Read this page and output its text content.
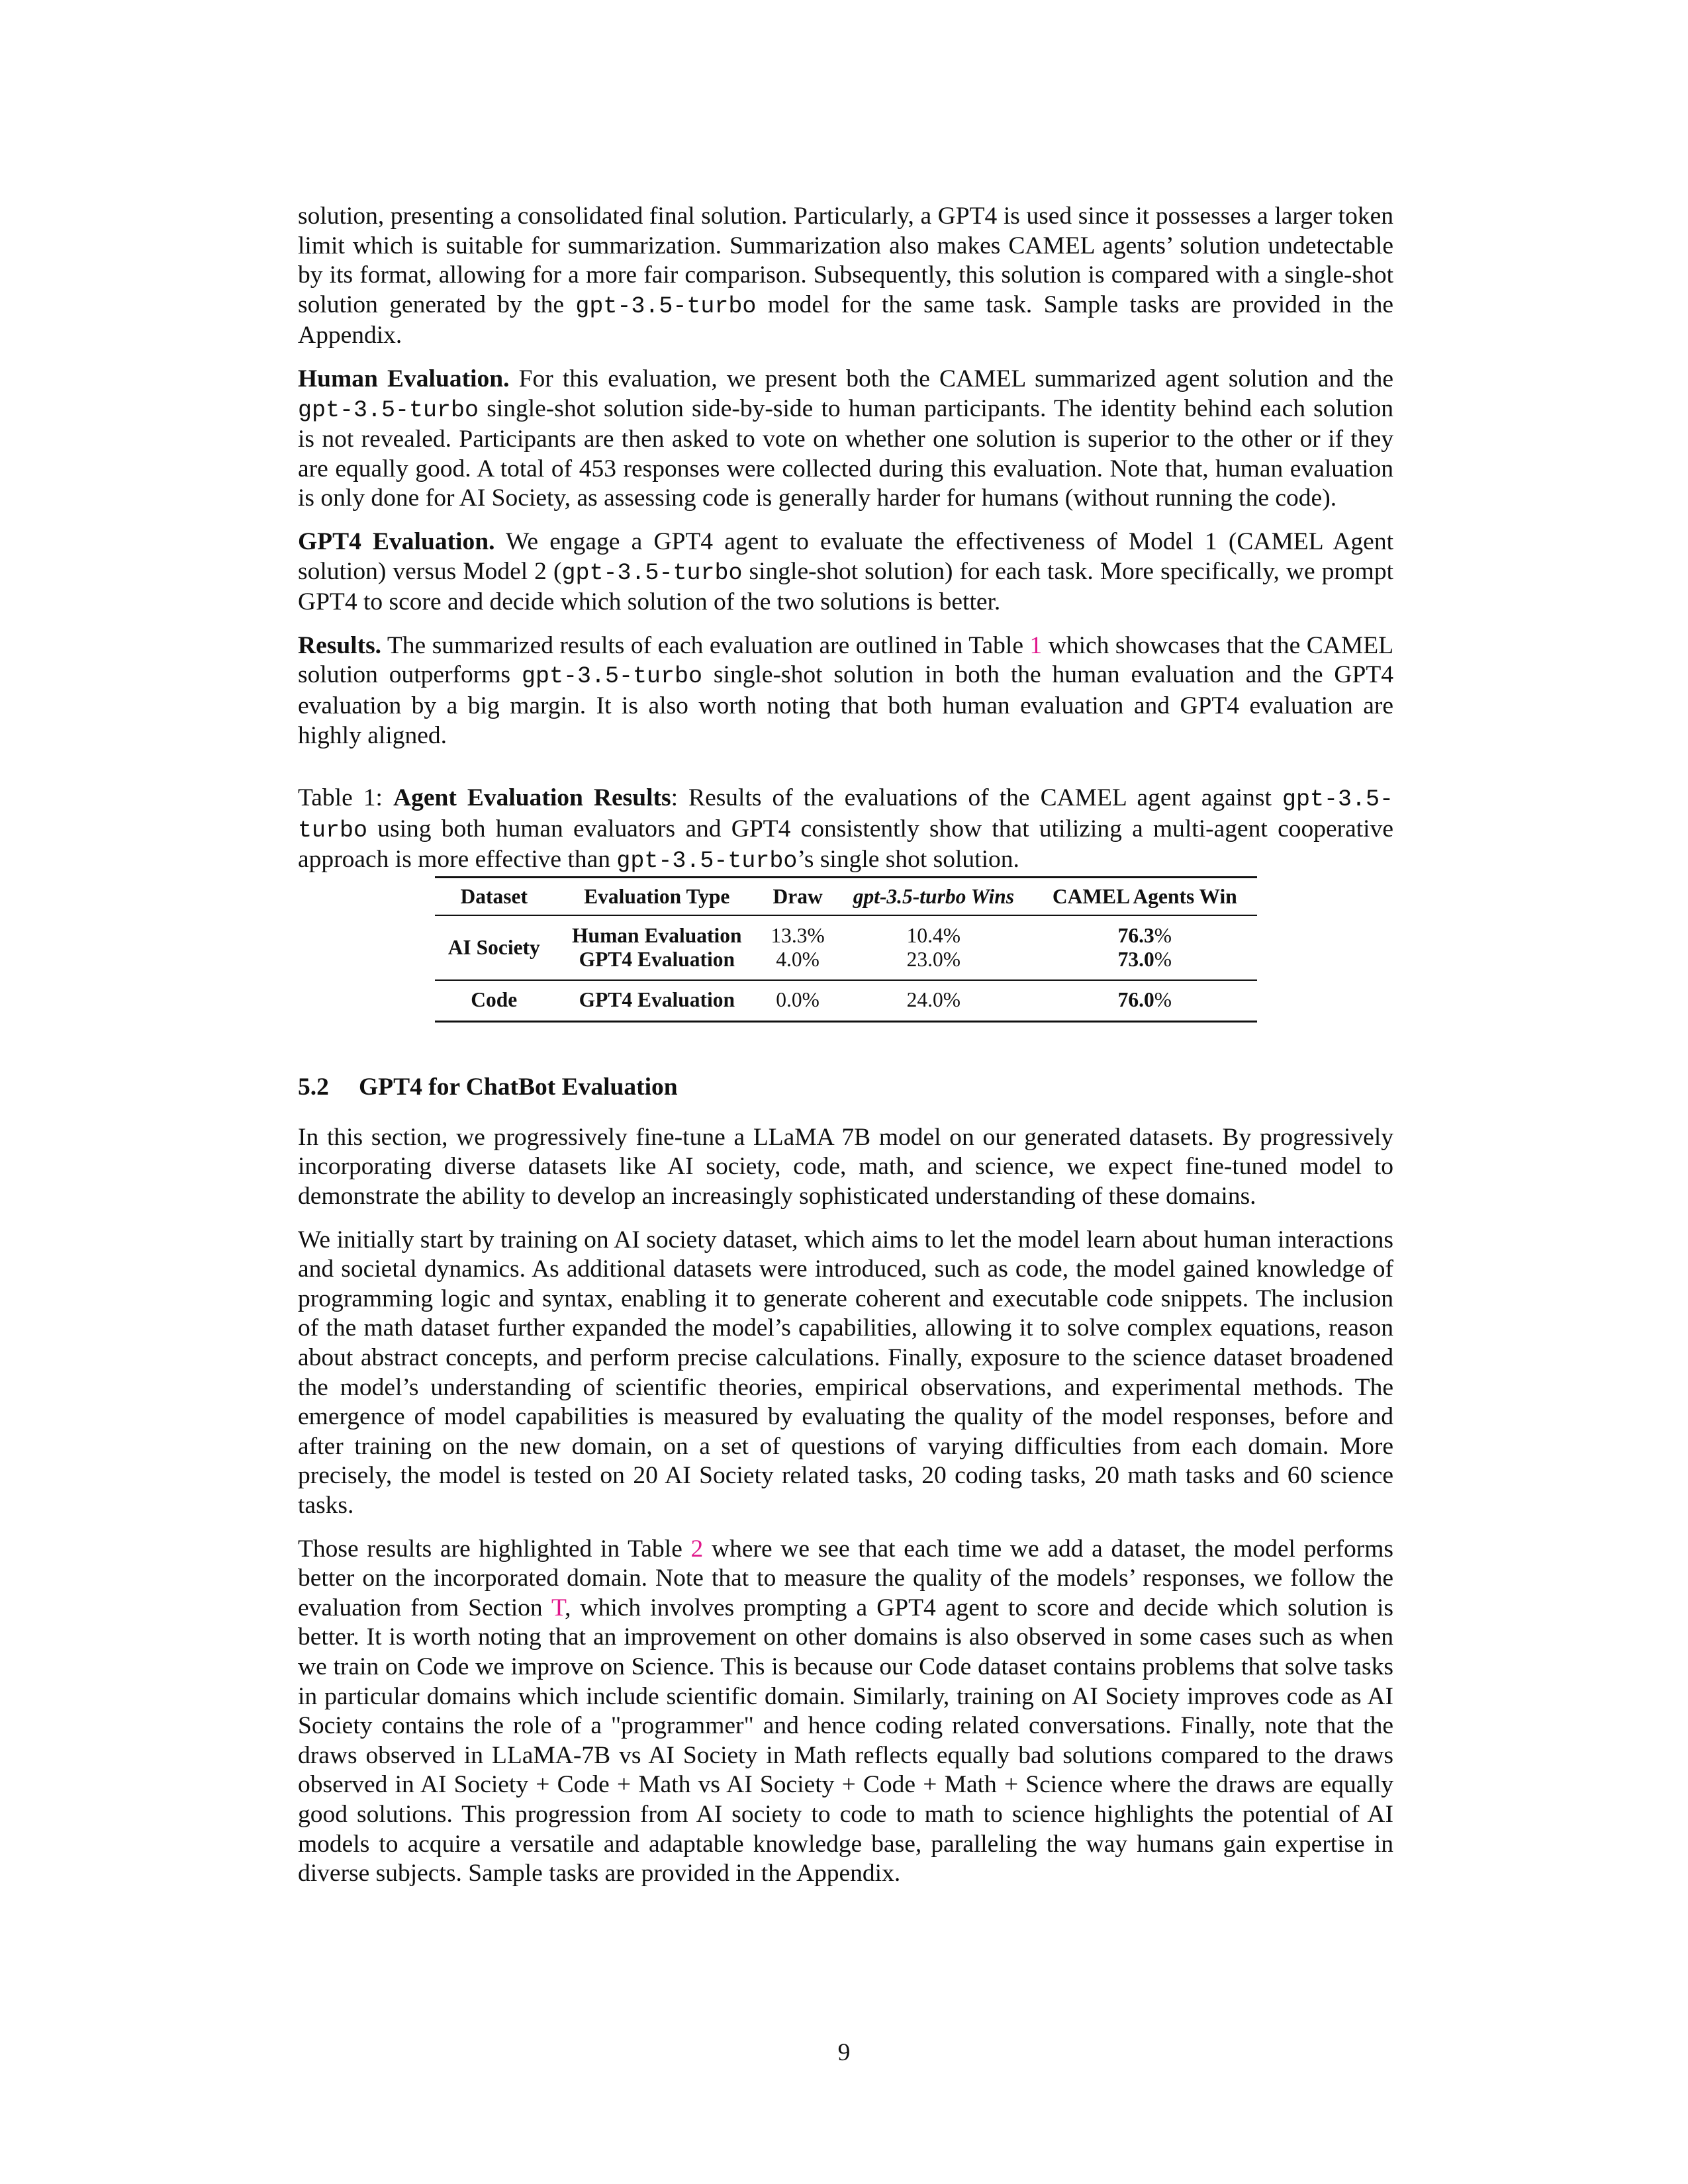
solution, presenting a consolidated final solution. Particularly, a GPT4 is used since it possesses a larger token limit which is suitable for summarization. Summarization also makes CAMEL agents’ solution undetectable by its format, allowing for a more fair comparison. Subsequently, this solution is compared with a single-shot solution generated by the gpt-3.5-turbo model for the same task. Sample tasks are provided in the Appendix.

Human Evaluation. For this evaluation, we present both the CAMEL summarized agent solution and the gpt-3.5-turbo single-shot solution side-by-side to human participants. The identity behind each solution is not revealed. Participants are then asked to vote on whether one solution is superior to the other or if they are equally good. A total of 453 responses were collected during this evaluation. Note that, human evaluation is only done for AI Society, as assessing code is generally harder for humans (without running the code).

GPT4 Evaluation. We engage a GPT4 agent to evaluate the effectiveness of Model 1 (CAMEL Agent solution) versus Model 2 (gpt-3.5-turbo single-shot solution) for each task. More specifically, we prompt GPT4 to score and decide which solution of the two solutions is better.

Results. The summarized results of each evaluation are outlined in Table 1 which showcases that the CAMEL solution outperforms gpt-3.5-turbo single-shot solution in both the human evaluation and the GPT4 evaluation by a big margin. It is also worth noting that both human evaluation and GPT4 evaluation are highly aligned.

Table 1: Agent Evaluation Results: Results of the evaluations of the CAMEL agent against gpt-3.5-turbo using both human evaluators and GPT4 consistently show that utilizing a multi-agent cooperative approach is more effective than gpt-3.5-turbo’s single shot solution.

Dataset	Evaluation Type	Draw	gpt-3.5-turbo Wins	CAMEL Agents Win
AI Society	Human Evaluation	13.3%	10.4%	76.3%
	GPT4 Evaluation	4.0%	23.0%	73.0%
Code	GPT4 Evaluation	0.0%	24.0%	76.0%
5.2 GPT4 for ChatBot Evaluation

In this section, we progressively fine-tune a LLaMA 7B model on our generated datasets. By progressively incorporating diverse datasets like AI society, code, math, and science, we expect fine-tuned model to demonstrate the ability to develop an increasingly sophisticated understanding of these domains.

We initially start by training on AI society dataset, which aims to let the model learn about human interactions and societal dynamics. As additional datasets were introduced, such as code, the model gained knowledge of programming logic and syntax, enabling it to generate coherent and executable code snippets. The inclusion of the math dataset further expanded the model’s capabilities, allowing it to solve complex equations, reason about abstract concepts, and perform precise calculations. Finally, exposure to the science dataset broadened the model’s understanding of scientific theories, empirical observations, and experimental methods. The emergence of model capabilities is measured by evaluating the quality of the model responses, before and after training on the new domain, on a set of questions of varying difficulties from each domain. More precisely, the model is tested on 20 AI Society related tasks, 20 coding tasks, 20 math tasks and 60 science tasks.

Those results are highlighted in Table 2 where we see that each time we add a dataset, the model performs better on the incorporated domain. Note that to measure the quality of the models’ responses, we follow the evaluation from Section T, which involves prompting a GPT4 agent to score and decide which solution is better. It is worth noting that an improvement on other domains is also observed in some cases such as when we train on Code we improve on Science. This is because our Code dataset contains problems that solve tasks in particular domains which include scientific domain. Similarly, training on AI Society improves code as AI Society contains the role of a "programmer" and hence coding related conversations. Finally, note that the draws observed in LLaMA-7B vs AI Society in Math reflects equally bad solutions compared to the draws observed in AI Society + Code + Math vs AI Society + Code + Math + Science where the draws are equally good solutions. This progression from AI society to code to math to science highlights the potential of AI models to acquire a versatile and adaptable knowledge base, paralleling the way humans gain expertise in diverse subjects. Sample tasks are provided in the Appendix.

9
